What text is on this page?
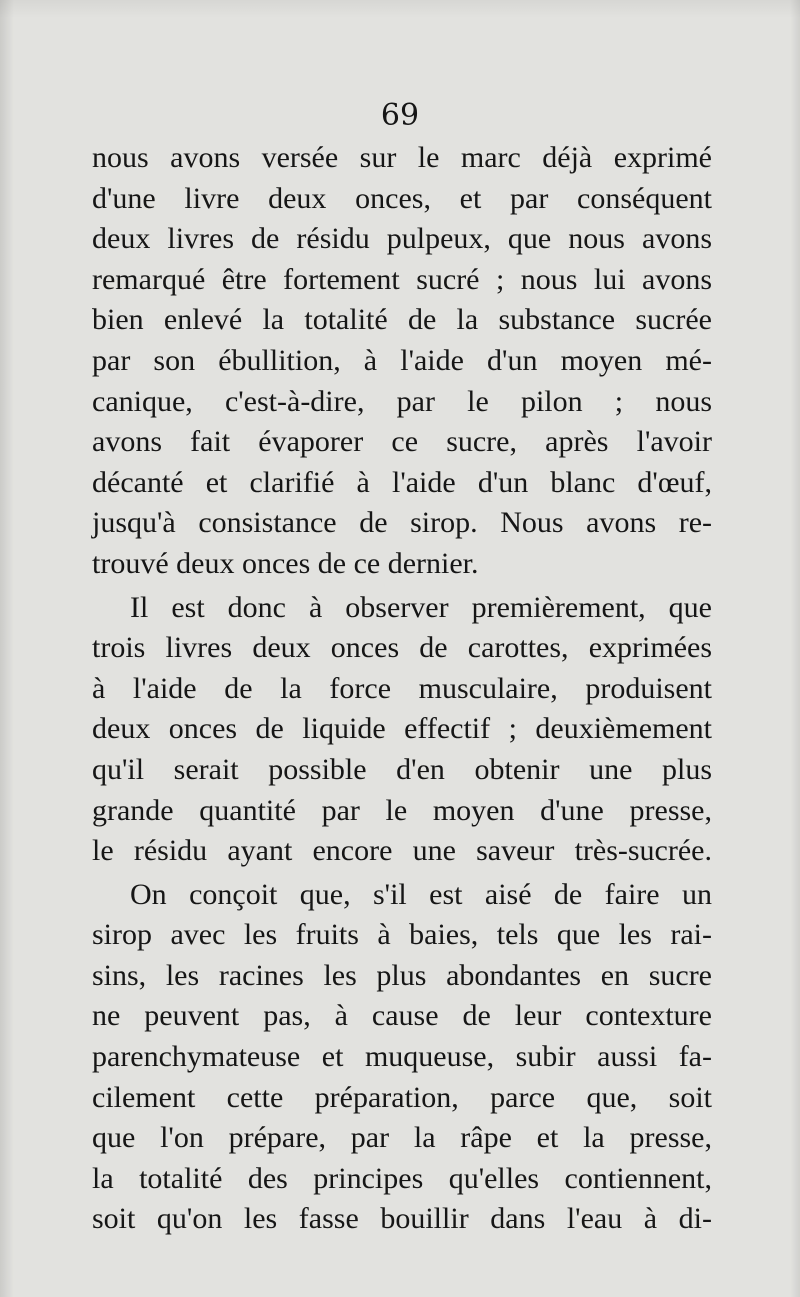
69
nous avons versée sur le marc déjà exprimé
d'une livre deux onces, et par conséquent
deux livres de résidu pulpeux, que nous avons
remarqué être fortement sucré ; nous lui avons
bien enlevé la totalité de la substance sucrée
par son ébullition, à l'aide d'un moyen mé-
canique, c'est-à-dire, par le pilon ; nous
avons fait évaporer ce sucre, après l'avoir
décanté et clarifié à l'aide d'un blanc d'œuf,
jusqu'à consistance de sirop. Nous avons re-
trouvé deux onces de ce dernier.
Il est donc à observer premièrement, que
trois livres deux onces de carottes, exprimées
à l'aide de la force musculaire, produisent
deux onces de liquide effectif ; deuxièmement
qu'il serait possible d'en obtenir une plus
grande quantité par le moyen d'une presse,
le résidu ayant encore une saveur très-sucrée.
On conçoit que, s'il est aisé de faire un
sirop avec les fruits à baies, tels que les rai-
sins, les racines les plus abondantes en sucre
ne peuvent pas, à cause de leur contexture
parenchymateuse et muqueuse, subir aussi fa-
cilement cette préparation, parce que, soit
que l'on prépare, par la râpe et la presse,
la totalité des principes qu'elles contiennent,
soit qu'on les fasse bouillir dans l'eau à di-
